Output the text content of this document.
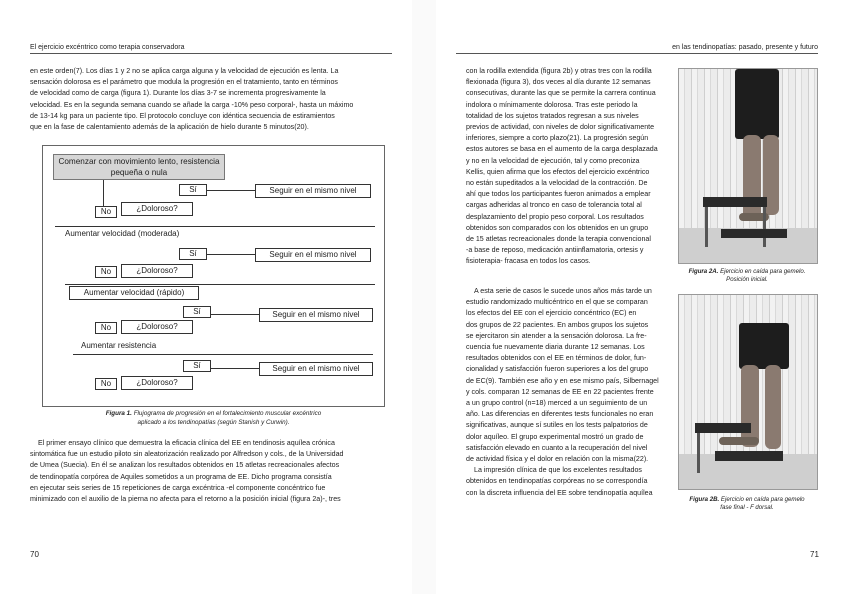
El ejercicio excéntrico como terapia conservadora	en las tendinopatías: pasado, presente y futuro

en este orden(7). Los días 1 y 2 no se aplica carga alguna y la velocidad de ejecución es lenta. La

sensación dolorosa es el parámetro que modula la progresión en el tratamiento, tanto en términos

de velocidad como de carga (figura 1). Durante los días 3-7 se incrementa progresivamente la

velocidad. Es en la segunda semana cuando se añade la carga -10% peso corporal-, hasta un máximo

de 13-14 kg para un paciente tipo. El protocolo concluye con idéntica secuencia de estiramientos

que en la fase de calentamiento además de la aplicación de hielo durante 5 minutos(20).

Comenzar con movimiento lento, resistencia pequeña o nula
¿Doloroso?
No
Sí	Seguir en el mismo nivel
Aumentar velocidad (moderada)
Sí	Seguir en el mismo nivel
¿Doloroso?
No
Aumentar velocidad (rápido)
Sí	Seguir en el mismo nivel
¿Doloroso?
No
Aumentar resistencia
Sí	Seguir en el mismo nivel
¿Doloroso?
No
Figura 1. Flujograma de progresión en el fortalecimiento muscular excéntrico
aplicado a los tendinopatías (según Stanish y Curwin).

El primer ensayo clínico que demuestra la eficacia clínica del EE en tendinosis aquílea crónica

sintomática fue un estudio piloto sin aleatorización realizado por Alfredson y cols., de la Universidad

de Umea (Suecia). En él se analizan los resultados obtenidos en 15 atletas recreacionales afectos

de tendinopatía corpórea de Aquiles sometidos a un programa de EE. Dicho programa consistía

en ejecutar seis series de 15 repeticiones de carga excéntrica -el componente concéntrico fue

minimizado con el auxilio de la pierna no afecta para el retorno a la posición inicial (figura 2a)-, tres

70

con la rodilla extendida (figura 2b) y otras tres con la rodilla

flexionada (figura 3), dos veces al día durante 12 semanas

consecutivas, durante las que se permite la carrera continua

indolora o mínimamente dolorosa. Tras este periodo la

totalidad de los sujetos tratados regresan a sus niveles

previos de actividad, con niveles de dolor significativamente

inferiores, siempre a corto plazo(21). La progresión según

estos autores se basa en el aumento de la carga desplazada

y no en la velocidad de ejecución, tal y como preconiza

Kellis, quien afirma que los efectos del ejercicio excéntrico

no están supeditados a la velocidad de la contracción. De

ahí que todos los participantes fueron animados a emplear

cargas adheridas al tronco en caso de tolerancia total al

desplazamiento del propio peso corporal. Los resultados

obtenidos son comparados con los obtenidos en un grupo

de 15 atletas recreacionales donde la terapia convencional

-a base de reposo, medicación antiinflamatoria, ortesis y

fisioterapia- fracasa en todos los casos.

A esta serie de casos le sucede unos años más tarde un

estudio randomizado multicéntrico en el que se comparan

los efectos del EE con el ejercicio concéntrico (EC) en

dos grupos de 22 pacientes. En ambos grupos los sujetos

se ejercitaron sin atender a la sensación dolorosa. La fre-

cuencia fue nuevamente diaria durante 12 semanas. Los

resultados obtenidos con el EE en términos de dolor, fun-

cionalidad y satisfacción fueron superiores a los del grupo

de EC(9). También ese año y en ese mismo país, Silbernagel

y cols. comparan 12 semanas de EE en 22 pacientes frente

a un grupo control (n=18) merced a un seguimiento de un

año. Las diferencias en diferentes tests funcionales no eran

significativas, aunque sí sutiles en los tests palpatorios de

dolor aquíleo. El grupo experimental mostró un grado de

satisfacción elevado en cuanto a la recuperación del nivel

de actividad física y el dolor en relación con la misma(22).

La impresión clínica de que los excelentes resultados

obtenidos en tendinopatías corpóreas no se correspondía

con la discreta influencia del EE sobre tendinopatía aquílea

Figura 2A. Ejercicio en caída para gemelo.
Posición inicial.
Figura 2B. Ejercicio en caída para gemelo
fase final - F dorsal.
71
